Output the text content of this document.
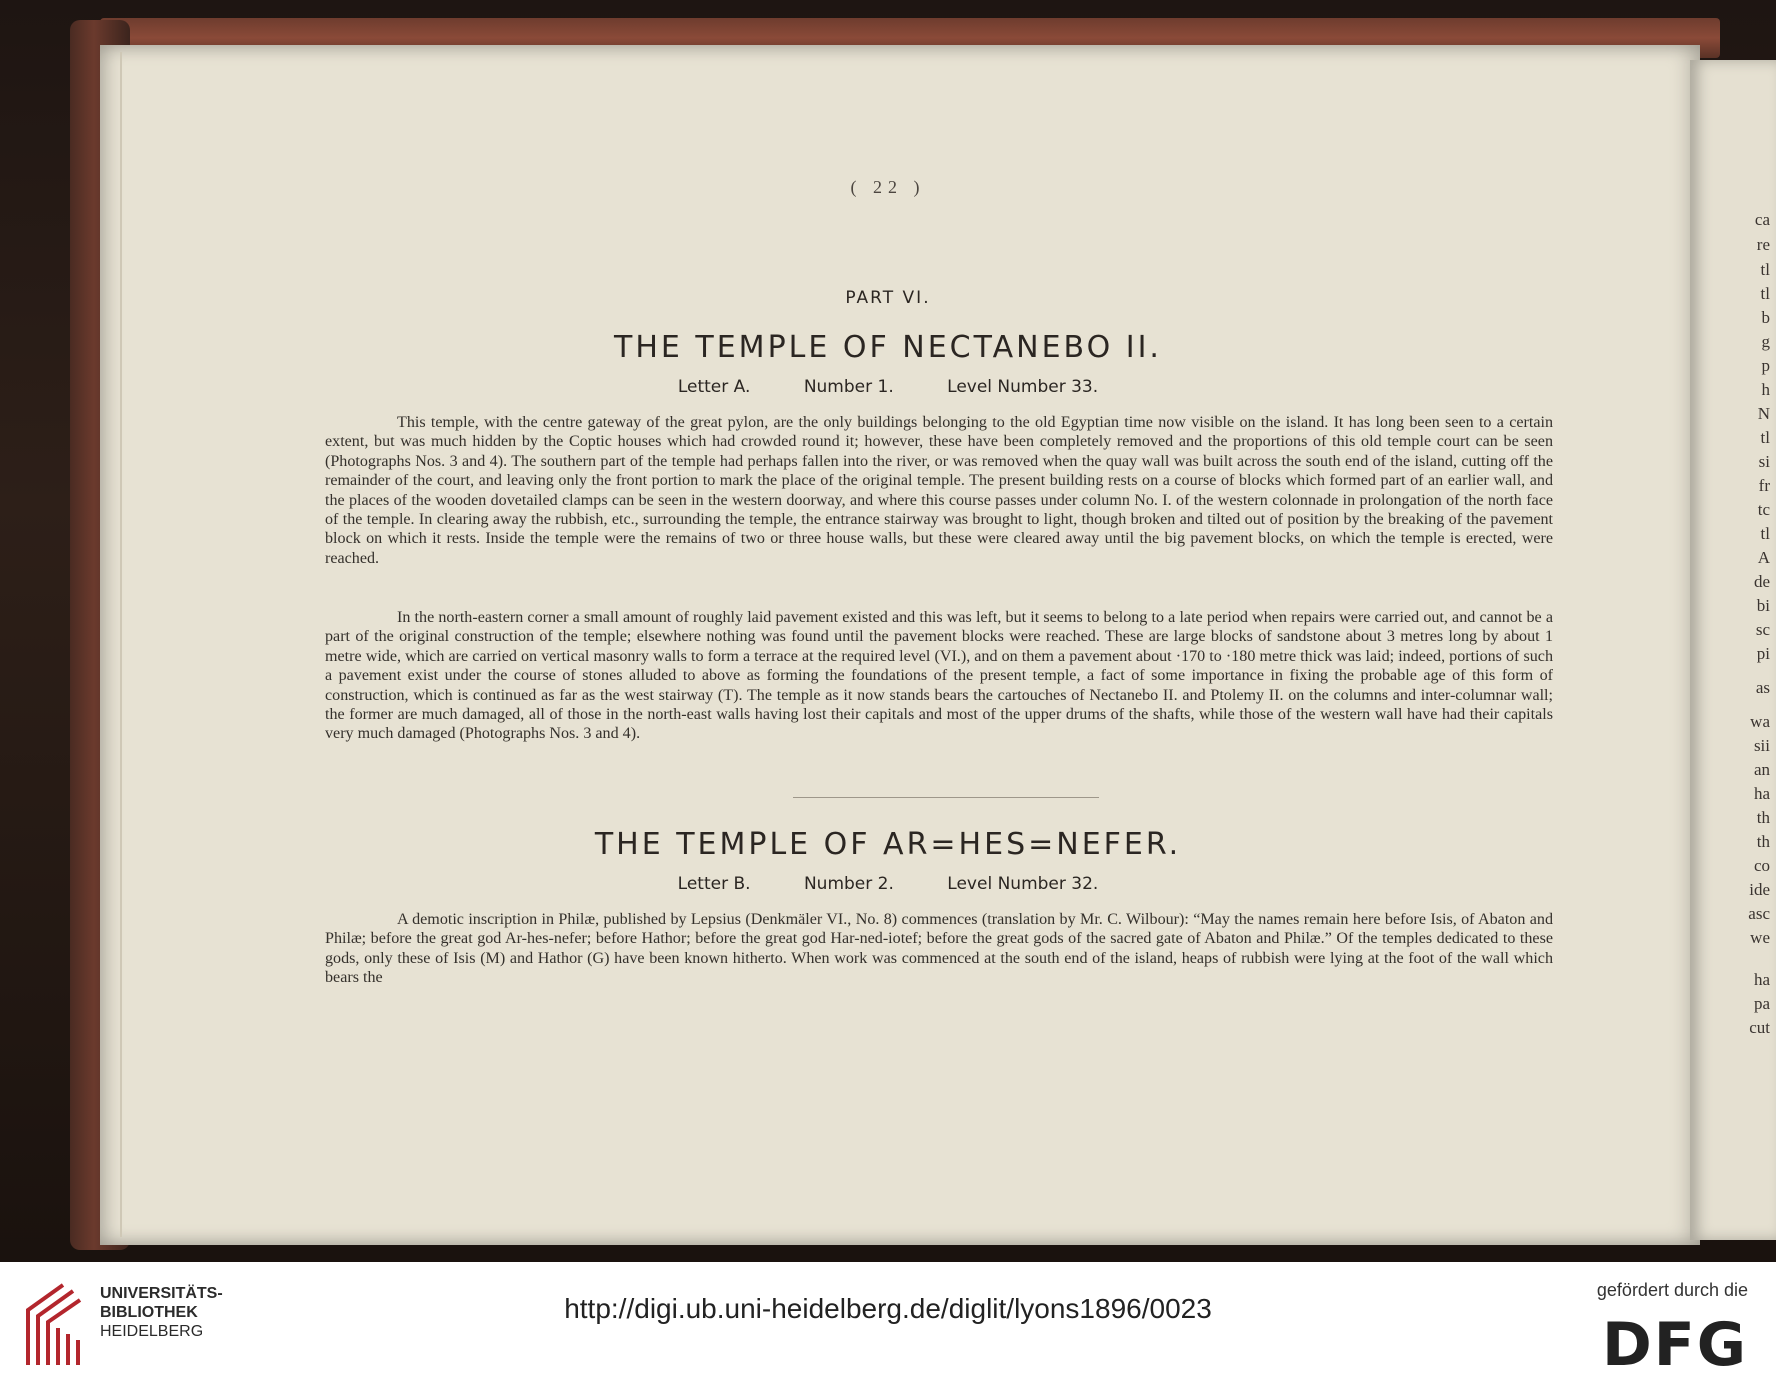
ca
re
tl
tl
b
g
p
h
N
tl
si
fr
tc
tl
A
de
bi
sc
pi
as
wa
sii
an
ha
th
th
co
ide
asc
we
ha
pa
cut
( 22 )
PART VI.
THE TEMPLE OF NECTANEBO II.
Letter A.	Number 1.	Level Number 33.

This temple, with the centre gateway of the great pylon, are the only buildings belonging to the old Egyptian time now visible on the island. It has long been seen to a certain extent, but was much hidden by the Coptic houses which had crowded round it; however, these have been completely removed and the proportions of this old temple court can be seen (Photographs Nos. 3 and 4). The southern part of the temple had perhaps fallen into the river, or was removed when the quay wall was built across the south end of the island, cutting off the remainder of the court, and leaving only the front portion to mark the place of the original temple. The present building rests on a course of blocks which formed part of an earlier wall, and the places of the wooden dovetailed clamps can be seen in the western doorway, and where this course passes under column No. I. of the western colonnade in prolongation of the north face of the temple. In clearing away the rubbish, etc., surrounding the temple, the entrance stairway was brought to light, though broken and tilted out of position by the breaking of the pavement block on which it rests. Inside the temple were the remains of two or three house walls, but these were cleared away until the big pavement blocks, on which the temple is erected, were reached.

In the north-eastern corner a small amount of roughly laid pavement existed and this was left, but it seems to belong to a late period when repairs were carried out, and cannot be a part of the original construction of the temple; elsewhere nothing was found until the pavement blocks were reached. These are large blocks of sandstone about 3 metres long by about 1 metre wide, which are carried on vertical masonry walls to form a terrace at the required level (VI.), and on them a pavement about ·170 to ·180 metre thick was laid; indeed, portions of such a pavement exist under the course of stones alluded to above as forming the foundations of the present temple, a fact of some importance in fixing the probable age of this form of construction, which is continued as far as the west stairway (T). The temple as it now stands bears the cartouches of Nectanebo II. and Ptolemy II. on the columns and inter-columnar wall; the former are much damaged, all of those in the north-east walls having lost their capitals and most of the upper drums of the shafts, while those of the western wall have had their capitals very much damaged (Photographs Nos. 3 and 4).

THE TEMPLE OF AR=HES=NEFER.
Letter B.	Number 2.	Level Number 32.

A demotic inscription in Philæ, published by Lepsius (Denkmäler VI., No. 8) commences (translation by Mr. C. Wilbour): “May the names remain here before Isis, of Abaton and Philæ; before the great god Ar-hes-nefer; before Hathor; before the great god Har-ned-iotef; before the great gods of the sacred gate of Abaton and Philæ.” Of the temples dedicated to these gods, only these of Isis (M) and Hathor (G) have been known hitherto. When work was commenced at the south end of the island, heaps of rubbish were lying at the foot of the wall which bears the

UNIVERSITÄTS-
BIBLIOTHEK
HEIDELBERG
http://digi.ub.uni-heidelberg.de/diglit/lyons1896/0023
gefördert durch die
DFG
